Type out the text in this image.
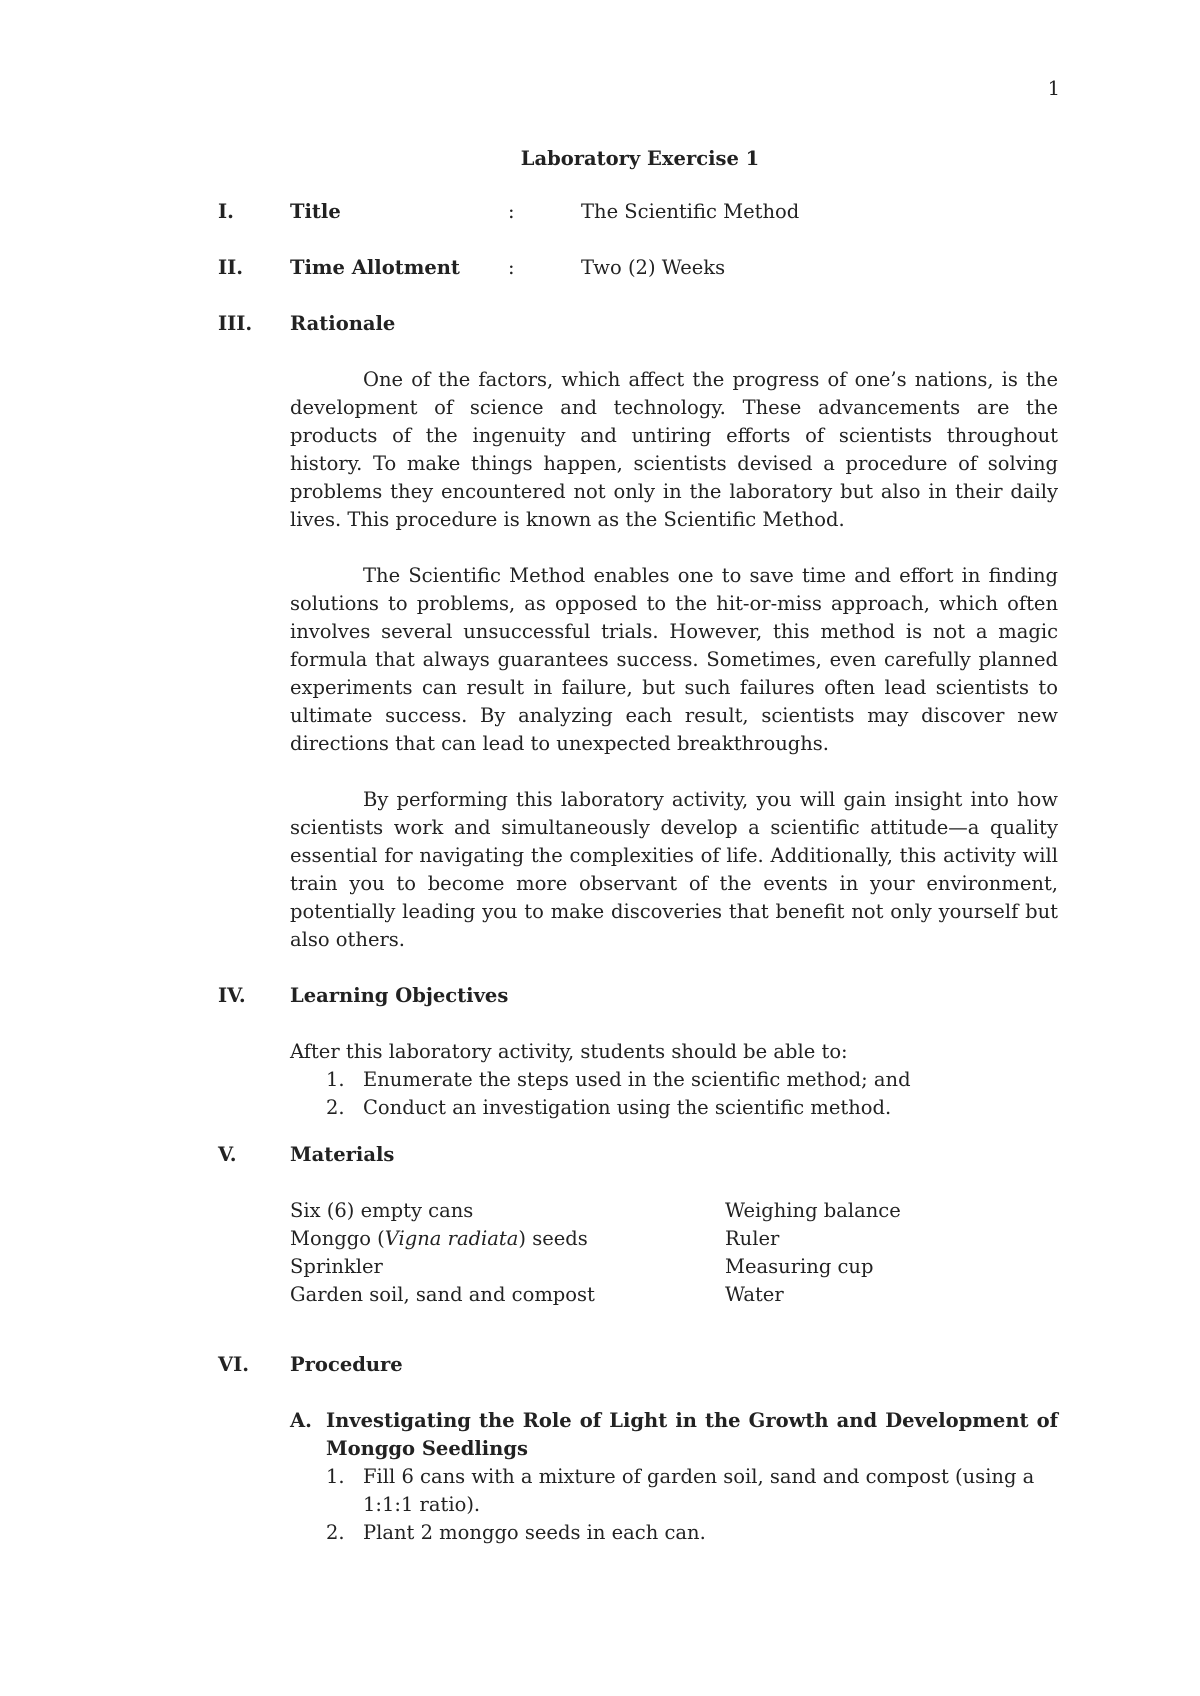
1
Laboratory Exercise 1
I.	Title	:	The Scientific Method
II. Time Allotment :	Two (2) Weeks
III. Rationale

One of the factors, which affect the progress of one’s nations, is the development of science and technology. These advancements are the products of the ingenuity and untiring efforts of scientists throughout history. To make things happen, scientists devised a procedure of solving problems they encountered not only in the laboratory but also in their daily lives. This procedure is known as the Scientific Method.

The Scientific Method enables one to save time and effort in finding solutions to problems, as opposed to the hit-or-miss approach, which often involves several unsuccessful trials. However, this method is not a magic formula that always guarantees success. Sometimes, even carefully planned experiments can result in failure, but such failures often lead scientists to ultimate success. By analyzing each result, scientists may discover new directions that can lead to unexpected breakthroughs.

By performing this laboratory activity, you will gain insight into how scientists work and simultaneously develop a scientific attitude—a quality essential for navigating the complexities of life. Additionally, this activity will train you to become more observant of the events in your environment, potentially leading you to make discoveries that benefit not only yourself but also others.

IV. Learning Objectives
After this laboratory activity, students should be able to:
1. Enumerate the steps used in the scientific method; and
2. Conduct an investigation using the scientific method.
V.	Materials
Six (6) empty cans	Weighing balance
Monggo (Vigna radiata) seeds	Ruler
Sprinkler	Measuring cup
Garden soil, sand and compost	Water
VI. Procedure
A. Investigating the Role of Light in the Growth and Development of Monggo Seedlings
1. Fill 6 cans with a mixture of garden soil, sand and compost (using a 1:1:1 ratio).
2. Plant 2 monggo seeds in each can.
